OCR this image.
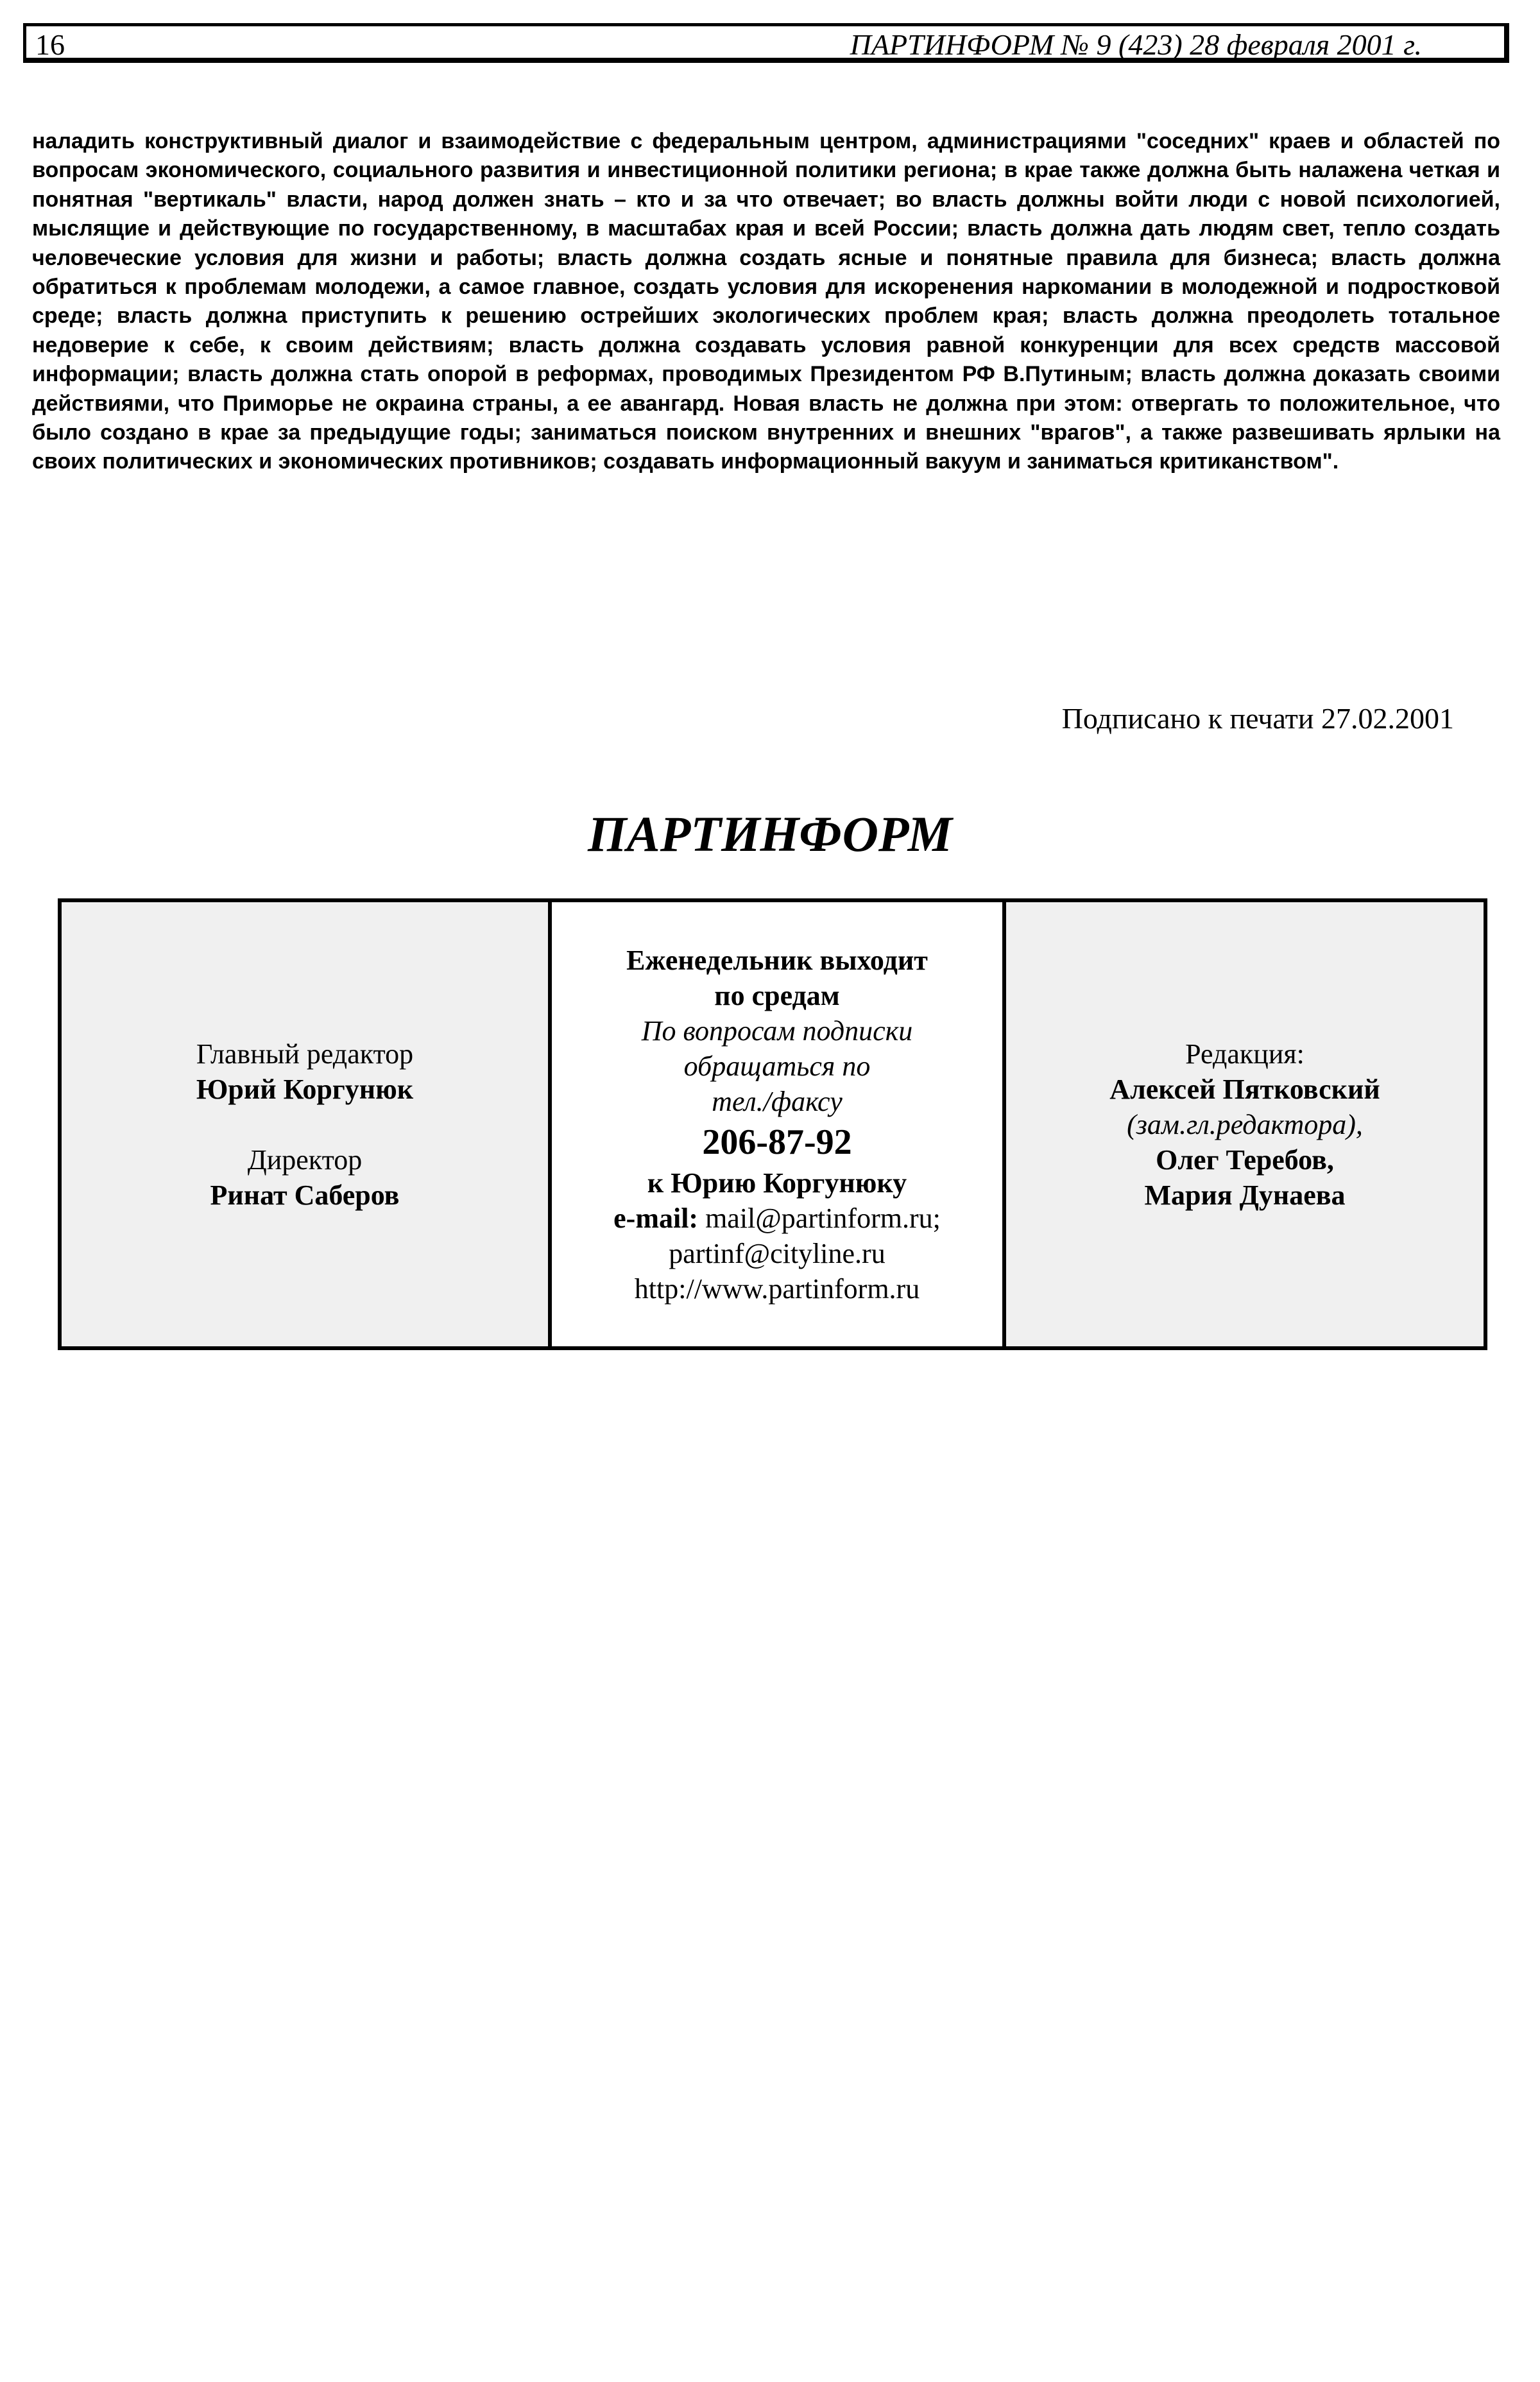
16	ПАРТИНФОРМ № 9 (423) 28 февраля 2001 г.

наладить конструктивный диалог и взаимодействие с федеральным центром, администрациями "соседних" краев и областей по вопросам экономического, социального развития и инвестиционной политики региона; в крае также должна быть налажена четкая и понятная "вертикаль" власти, народ должен знать – кто и за что отвечает; во власть должны войти люди с новой психологией, мыслящие и действующие по государственному, в масштабах края и всей России; власть должна дать людям свет, тепло создать человеческие условия для жизни и работы; власть должна создать ясные и понятные правила для бизнеса; власть должна обратиться к проблемам молодежи, а самое главное, создать условия для искоренения наркомании в молодежной и подростковой среде; власть должна приступить к решению острейших экологических проблем края; власть должна преодолеть тотальное недоверие к себе, к своим действиям; власть должна создавать условия равной конкуренции для всех средств массовой информации; власть должна стать опорой в реформах, проводимых Президентом РФ В.Путиным; власть должна доказать своими действиями, что Приморье не окраина страны, а ее авангард. Новая власть не должна при этом: отвергать то положительное, что было создано в крае за предыдущие годы; заниматься поиском внутренних и внешних "врагов", а также развешивать ярлыки на своих политических и экономических противников; создавать информационный вакуум и заниматься критиканством".

Подписано к печати 27.02.2001
ПАРТИНФОРМ
Главный редактор
Юрий Коргунюк
Директор
Ринат Саберов
Еженедельник выходит
по средам
По вопросам подписки
обращаться по
тел./факсу
206-87-92
к Юрию Коргунюку
e-mail: mail@partinform.ru;
partinf@cityline.ru
http://www.partinform.ru
Редакция:
Алексей Пятковский
(зам.гл.редактора),
Олег Теребов,
Мария Дунаева
